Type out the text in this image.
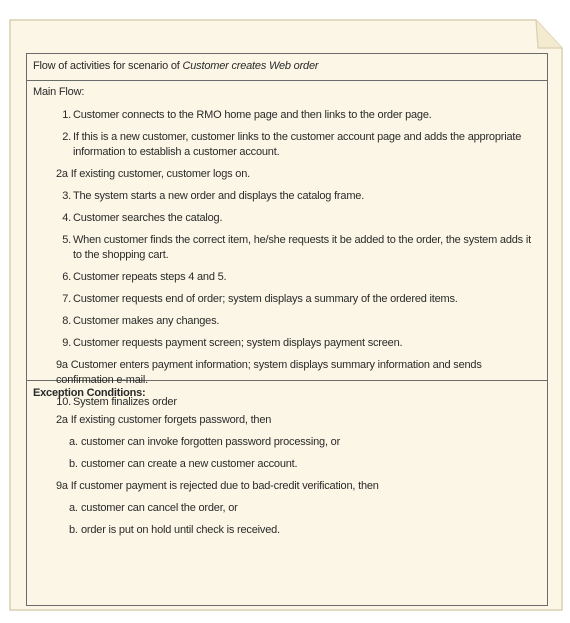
Flow of activities for scenario of Customer creates Web order
Main Flow:
1. Customer connects to the RMO home page and then links to the order page.
2. If this is a new customer, customer links to the customer account page and adds the appropriate information to establish a customer account.
2a If existing customer, customer logs on.
3. The system starts a new order and displays the catalog frame.
4. Customer searches the catalog.
5. When customer finds the correct item, he/she requests it be added to the order, the system adds it to the shopping cart.
6. Customer repeats steps 4 and 5.
7. Customer requests end of order; system displays a summary of the ordered items.
8. Customer makes any changes.
9. Customer requests payment screen; system displays payment screen.
9a Customer enters payment information; system displays summary information and sends confirmation e-mail.
10. System finalizes order
Exception Conditions:
2a If existing customer forgets password, then
a. customer can invoke forgotten password processing, or
b. customer can create a new customer account.
9a If customer payment is rejected due to bad-credit verification, then
a. customer can cancel the order, or
b. order is put on hold until check is received.
